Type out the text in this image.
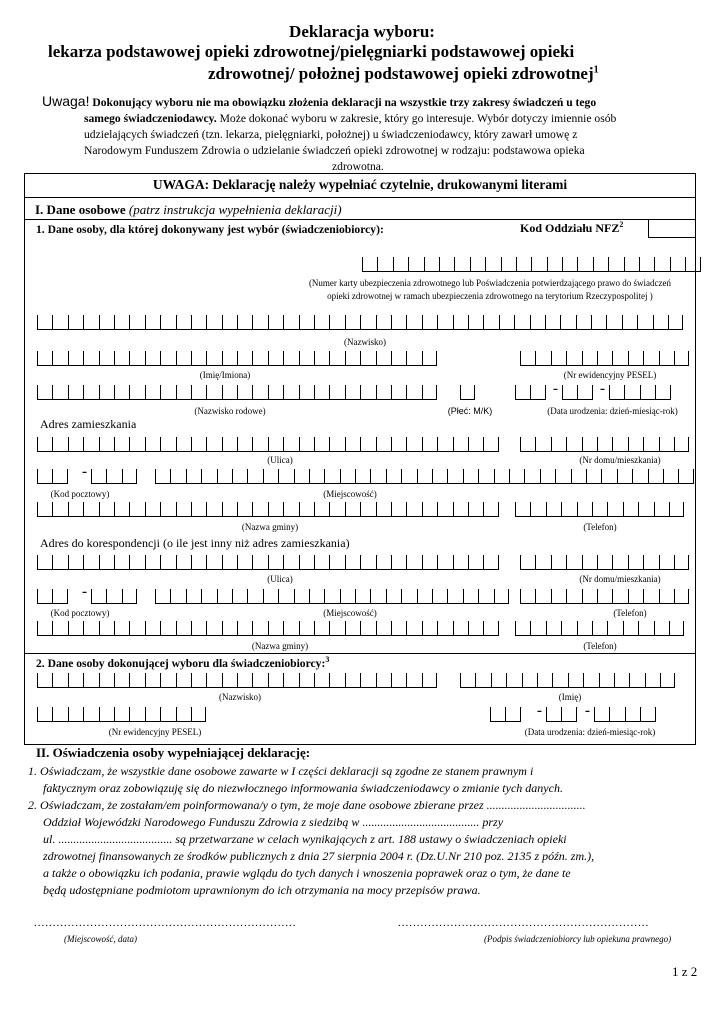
Deklaracja wyboru:
lekarza podstawowej opieki zdrowotnej/pielęgniarki podstawowej opieki
zdrowotnej/ położnej podstawowej opieki zdrowotnej$^1$
Uwaga! Dokonujący wyboru nie ma obowiązku złożenia deklaracji na wszystkie trzy zakresy świadczeń u tego
samego świadczeniodawcy. Może dokonać wyboru w zakresie, który go interesuje. Wybór dotyczy imiennie osób
udzielających świadczeń (tzn. lekarza, pielęgniarki, położnej) u świadczeniodawcy, który zawarł umowę z
Narodowym Funduszem Zdrowia o udzielanie świadczeń opieki zdrowotnej w rodzaju: podstawowa opieka
zdrowotna.
UWAGA: Deklarację należy wypełniać czytelnie, drukowanymi literami
I. Dane osobowe (patrz instrukcja wypełnienia deklaracji)
1. Dane osoby, dla której dokonywany jest wybór (świadczeniobiorcy):	Kod Oddziału NFZ$^2$
(Numer karty ubezpieczenia zdrowotnego lub Poświadczenia potwierdzającego prawo do świadczeń
opieki zdrowotnej w ramach ubezpieczenia zdrowotnego na terytorium Rzeczypospolitej )
(Nazwisko)
(Imię/Imiona)	(Nr ewidencyjny PESEL)
-	-
(Nazwisko rodowe)	(Płeć: M/K)	(Data urodzenia: dzień-miesiąc-rok)
Adres zamieszkania
(Ulica)	(Nr domu/mieszkania)
-
(Kod pocztowy)	(Miejscowość)
(Nazwa gminy)	(Telefon)
Adres do korespondencji (o ile jest inny niż adres zamieszkania)
(Ulica)	(Nr domu/mieszkania)
-
(Kod pocztowy)	(Miejscowość)	(Telefon)
(Nazwa gminy)	(Telefon)
2. Dane osoby dokonującej wyboru dla świadczeniobiorcy:$^3$
(Nazwisko)	(Imię)
-	-
(Nr ewidencyjny PESEL)	(Data urodzenia: dzień-miesiąc-rok)
II. Oświadczenia osoby wypełniającej deklarację:
1. Oświadczam, że wszystkie dane osobowe zawarte w I części deklaracji są zgodne ze stanem prawnym i
faktycznym oraz zobowiązuję się do niezwłocznego informowania świadczeniodawcy o zmianie tych danych.
2. Oświadczam, że zostałam/em poinformowana/y o tym, że moje dane osobowe zbierane przez .................................
Oddział Wojewódzki Narodowego Funduszu Zdrowia z siedzibą w ....................................... przy
ul. ...................................... są przetwarzane w celach wynikających z art. 188 ustawy o świadczeniach opieki
zdrowotnej finansowanych ze środków publicznych z dnia 27 sierpnia 2004 r. (Dz.U.Nr 210 poz. 2135 z późn. zm.),
a także o obowiązku ich podania, prawie wglądu do tych danych i wnoszenia poprawek oraz o tym, że dane te
będą udostępniane podmiotom uprawnionym do ich otrzymania na mocy przepisów prawa.
......................................................................	...................................................................
(Miejscowość, data)	(Podpis świadczeniobiorcy lub opiekuna prawnego)
1 z 2
